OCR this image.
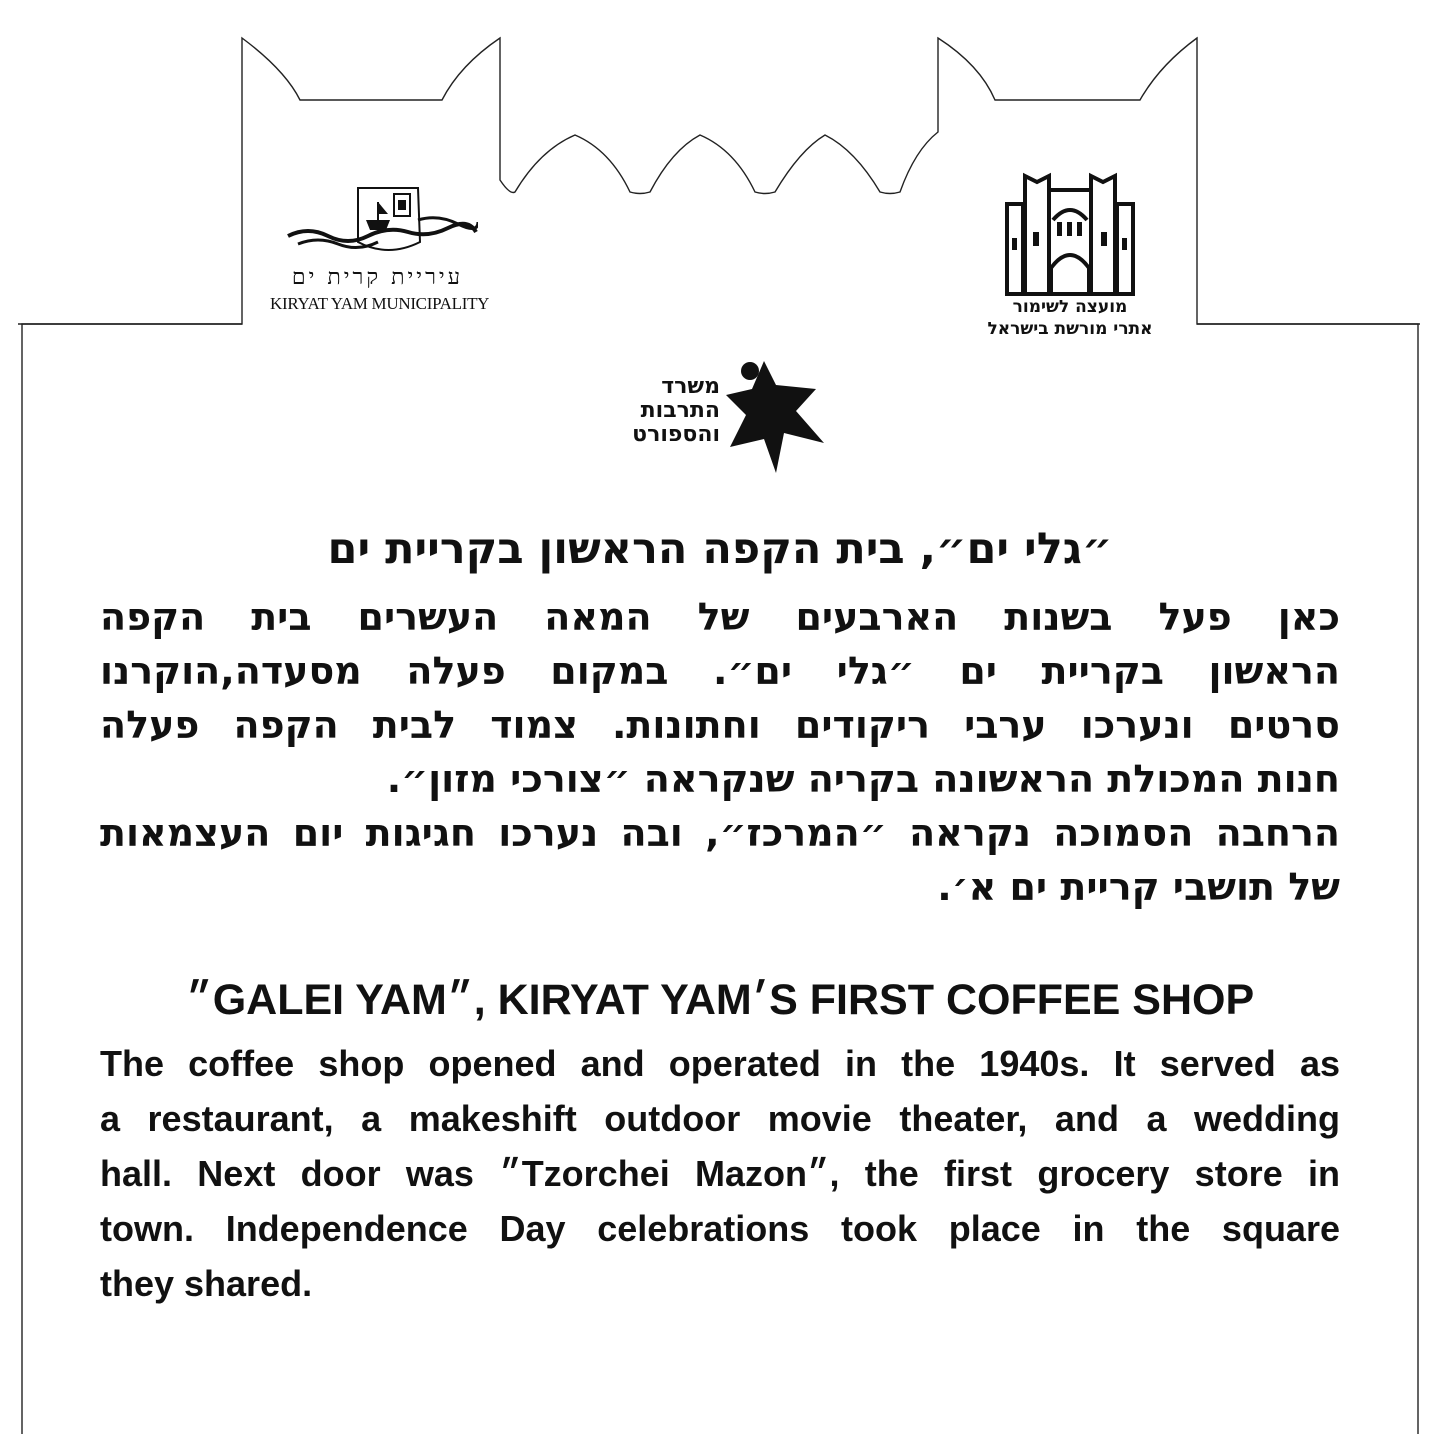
עיריית קרית ים
KIRYAT YAM MUNICIPALITY	מועצה לשימור
אתרי מורשת בישראל
משרד
התרבות
והספורט
״גלי ים״, בית הקפה הראשון בקריית ים
כאן פעל בשנות הארבעים של המאה העשרים בית הקפה
הראשון בקריית ים ״גלי ים״. במקום פעלה מסעדה,הוקרנו
סרטים ונערכו ערבי ריקודים וחתונות. צמוד לבית הקפה פעלה
חנות המכולת הראשונה בקריה שנקראה ״צורכי מזון״.
הרחבה הסמוכה נקראה ״המרכז״, ובה נערכו חגיגות יום העצמאות
של תושבי קריית ים א׳.
״GALEI YAM״, KIRYAT YAM׳S FIRST COFFEE SHOP
The coffee shop opened and operated in the 1940s. It served as
a restaurant, a makeshift outdoor movie theater, and a wedding
hall. Next door was ״Tzorchei Mazon״, the first grocery store in
town. Independence Day celebrations took place in the square
they shared.
